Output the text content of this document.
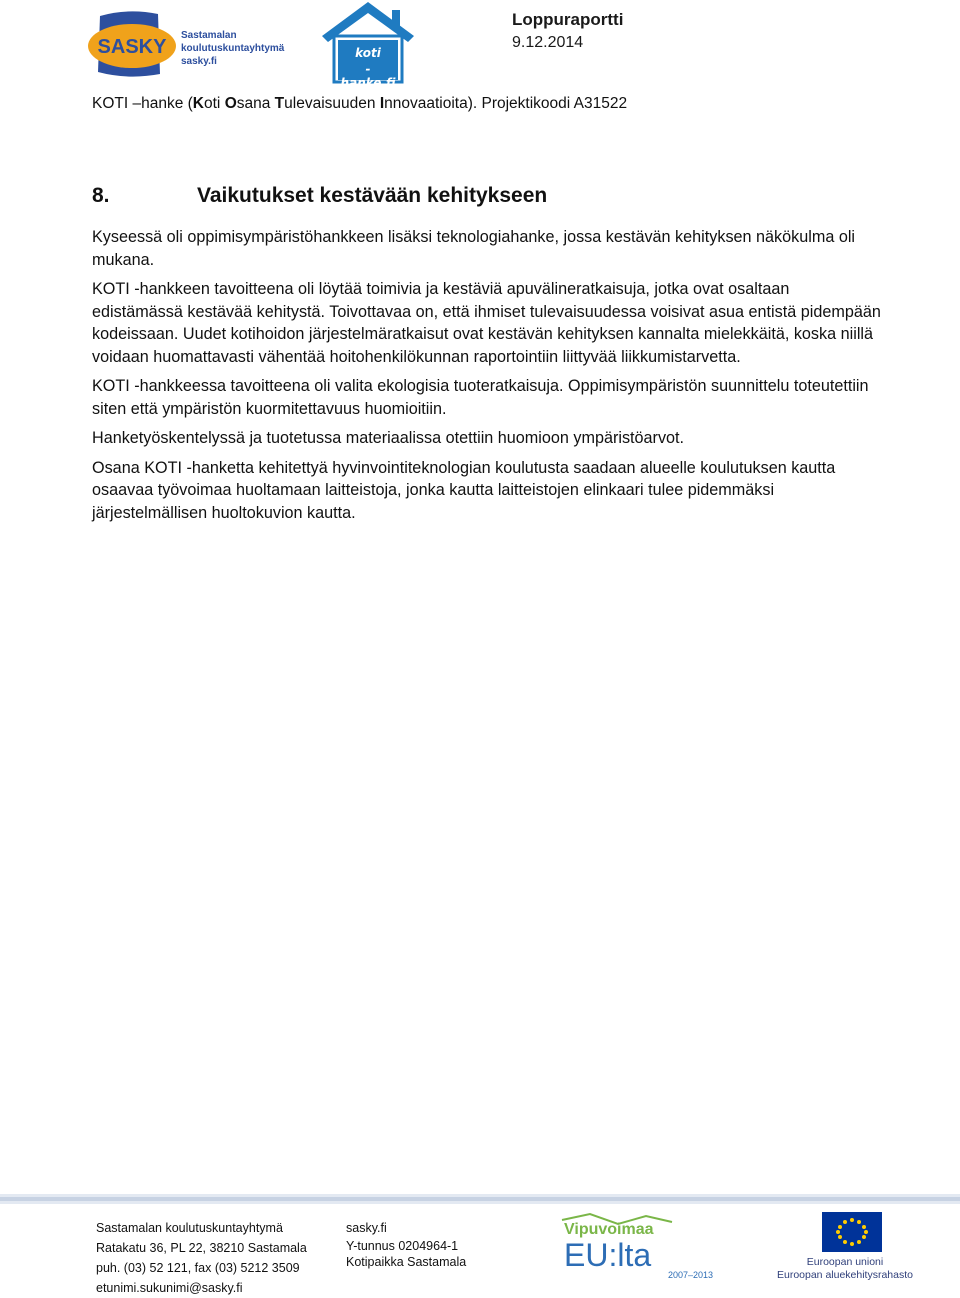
SASKY
Sastamalan
koulutuskuntayhtymä
sasky.fi
koti
-hanke.fi
Loppuraportti
9.12.2014
KOTI –hanke (Koti Osana Tulevaisuuden Innovaatioita). Projektikoodi A31522
8.	Vaikutukset kestävään kehitykseen

Kyseessä oli oppimisympäristöhankkeen lisäksi teknologiahanke, jossa kestävän kehityksen näkökulma oli mukana.

KOTI -hankkeen tavoitteena oli löytää toimivia ja kestäviä apuvälineratkaisuja, jotka ovat osaltaan edistämässä kestävää kehitystä. Toivottavaa on, että ihmiset tulevaisuudessa voisivat asua entistä pidempään kodeissaan. Uudet kotihoidon järjestelmäratkaisut ovat kestävän kehityksen kannalta mielekkäitä, koska niillä voidaan huomattavasti vähentää hoitohenkilökunnan raportointiin liittyvää liikkumistarvetta.

KOTI -hankkeessa tavoitteena oli valita ekologisia tuoteratkaisuja. Oppimisympäristön suunnittelu toteutettiin siten että ympäristön kuormitettavuus huomioitiin.

Hanketyöskentelyssä ja tuotetussa materiaalissa otettiin huomioon ympäristöarvot.

Osana KOTI -hanketta kehitettyä hyvinvointiteknologian koulutusta saadaan alueelle koulutuksen kautta osaavaa työvoimaa huoltamaan laitteistoja, jonka kautta laitteistojen elinkaari tulee pidemmäksi järjestelmällisen huoltokuvion kautta.

Sastamalan koulutuskuntayhtymä
Ratakatu 36, PL 22, 38210 Sastamala
puh. (03) 52 121, fax (03) 5212 3509
etunimi.sukunimi@sasky.fi
sasky.fi
Y-tunnus 0204964-1
Kotipaikka Sastamala
Vipuvoimaa
EU:lta
2007–2013
Euroopan unioni
Euroopan aluekehitysrahasto
